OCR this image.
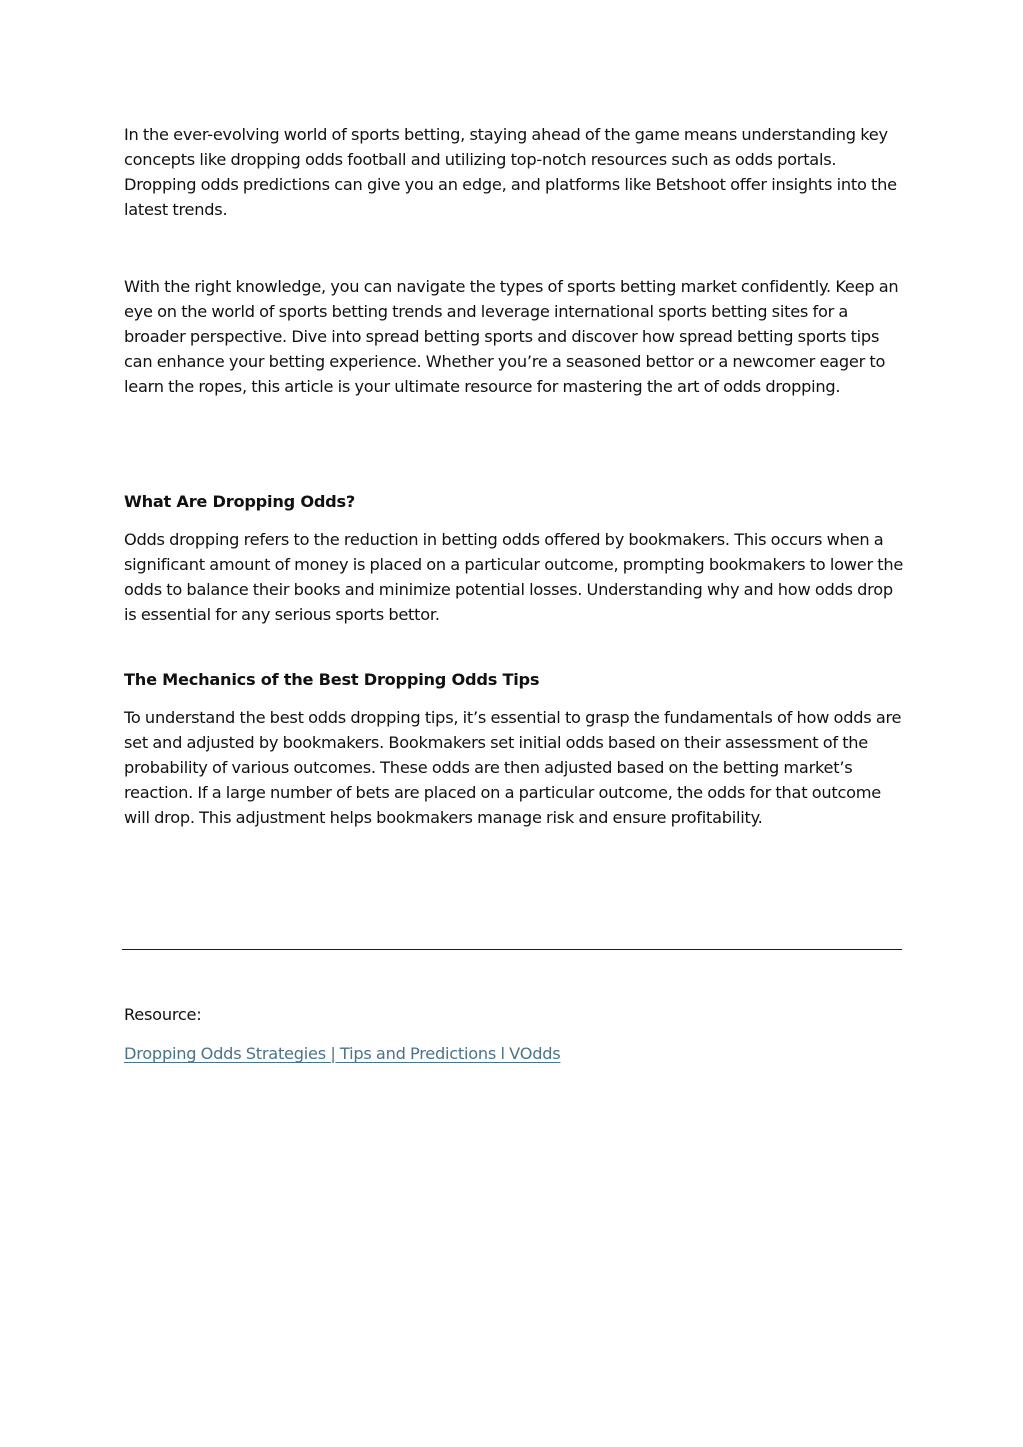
In the ever-evolving world of sports betting, staying ahead of the game means understanding key concepts like dropping odds football and utilizing top-notch resources such as odds portals. Dropping odds predictions can give you an edge, and platforms like Betshoot offer insights into the latest trends.

With the right knowledge, you can navigate the types of sports betting market confidently. Keep an eye on the world of sports betting trends and leverage international sports betting sites for a broader perspective. Dive into spread betting sports and discover how spread betting sports tips can enhance your betting experience. Whether you’re a seasoned bettor or a newcomer eager to learn the ropes, this article is your ultimate resource for mastering the art of odds dropping.

What Are Dropping Odds?

Odds dropping refers to the reduction in betting odds offered by bookmakers. This occurs when a significant amount of money is placed on a particular outcome, prompting bookmakers to lower the odds to balance their books and minimize potential losses. Understanding why and how odds drop is essential for any serious sports bettor.

The Mechanics of the Best Dropping Odds Tips

To understand the best odds dropping tips, it’s essential to grasp the fundamentals of how odds are set and adjusted by bookmakers. Bookmakers set initial odds based on their assessment of the probability of various outcomes. These odds are then adjusted based on the betting market’s reaction. If a large number of bets are placed on a particular outcome, the odds for that outcome will drop. This adjustment helps bookmakers manage risk and ensure profitability.

Resource:

Dropping Odds Strategies | Tips and Predictions l VOdds
